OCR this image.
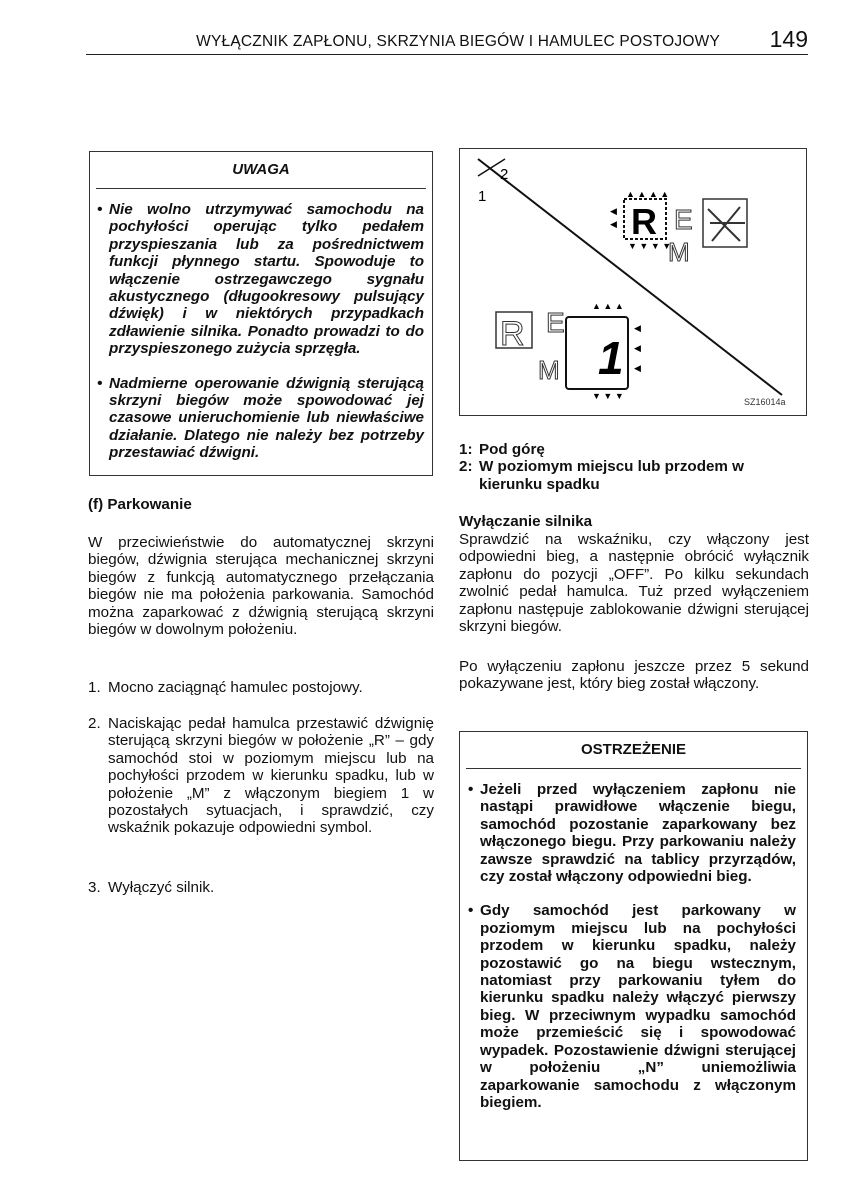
WYŁĄCZNIK ZAPŁONU, SKRZYNIA BIEGÓW I HAMULEC POSTOJOWY 149
UWAGA
• Nie wolno utrzymywać samochodu na pochyłości operując tylko pedałem przyspieszania lub za pośrednictwem funkcji płynnego startu. Spowoduje to włączenie ostrzegawczego sygnału akustycznego (długookresowy pulsujący dźwięk) i w niektórych przypadkach zdławienie silnika. Ponadto prowadzi to do przyspieszonego zużycia sprzęgła.
• Nadmierne operowanie dźwignią sterującą skrzyni biegów może spowodować jej czasowe unieruchomienie lub niewłaściwe działanie. Dlatego nie należy bez potrzeby przestawiać dźwigni.
(f) Parkowanie
W przeciwieństwie do automatycznej skrzyni biegów, dźwignia sterująca mechanicznej skrzyni biegów z funkcją automatycznego przełączania biegów nie ma położenia parkowania. Samochód można zaparkować z dźwignią sterującą skrzyni biegów w dowolnym położeniu.
1. Mocno zaciągnąć hamulec postojowy.
2. Naciskając pedał hamulca przestawić dźwignię sterującą skrzyni biegów w położenie „R” – gdy samochód stoi w poziomym miejscu lub na pochyłości przodem w kierunku spadku, lub w położenie „M” z włączonym biegiem 1 w pozostałych sytuacjach, i sprawdzić, czy wskaźnik pokazuje odpowiedni symbol.
3. Wyłączyć silnik.
2
1
R
▲ ▲ ▲ ▲
◀
◀
▼ ▼ ▼ ▼
E
M
R E
M 1
▲ ▲ ▲
◀
◀
◀
▼ ▼ ▼
SZ16014a
1: Pod górę
2: W poziomym miejscu lub przodem w kierunku spadku
Wyłączanie silnika
Sprawdzić na wskaźniku, czy włączony jest odpowiedni bieg, a następnie obrócić wyłącznik zapłonu do pozycji „OFF”. Po kilku sekundach zwolnić pedał hamulca. Tuż przed wyłączeniem zapłonu następuje zablokowanie dźwigni sterującej skrzyni biegów.
Po wyłączeniu zapłonu jeszcze przez 5 sekund pokazywane jest, który bieg został włączony.
OSTRZEŻENIE
• Jeżeli przed wyłączeniem zapłonu nie nastąpi prawidłowe włączenie biegu, samochód pozostanie zaparkowany bez włączonego biegu. Przy parkowaniu należy zawsze sprawdzić na tablicy przyrządów, czy został włączony odpowiedni bieg.
• Gdy samochód jest parkowany w poziomym miejscu lub na pochyłości przodem w kierunku spadku, należy pozostawić go na biegu wstecznym, natomiast przy parkowaniu tyłem do kierunku spadku należy włączyć pierwszy bieg. W przeciwnym wypadku samochód może przemieścić się i spowodować wypadek. Pozostawienie dźwigni sterującej w położeniu „N” uniemożliwia zaparkowanie samochodu z włączonym biegiem.
